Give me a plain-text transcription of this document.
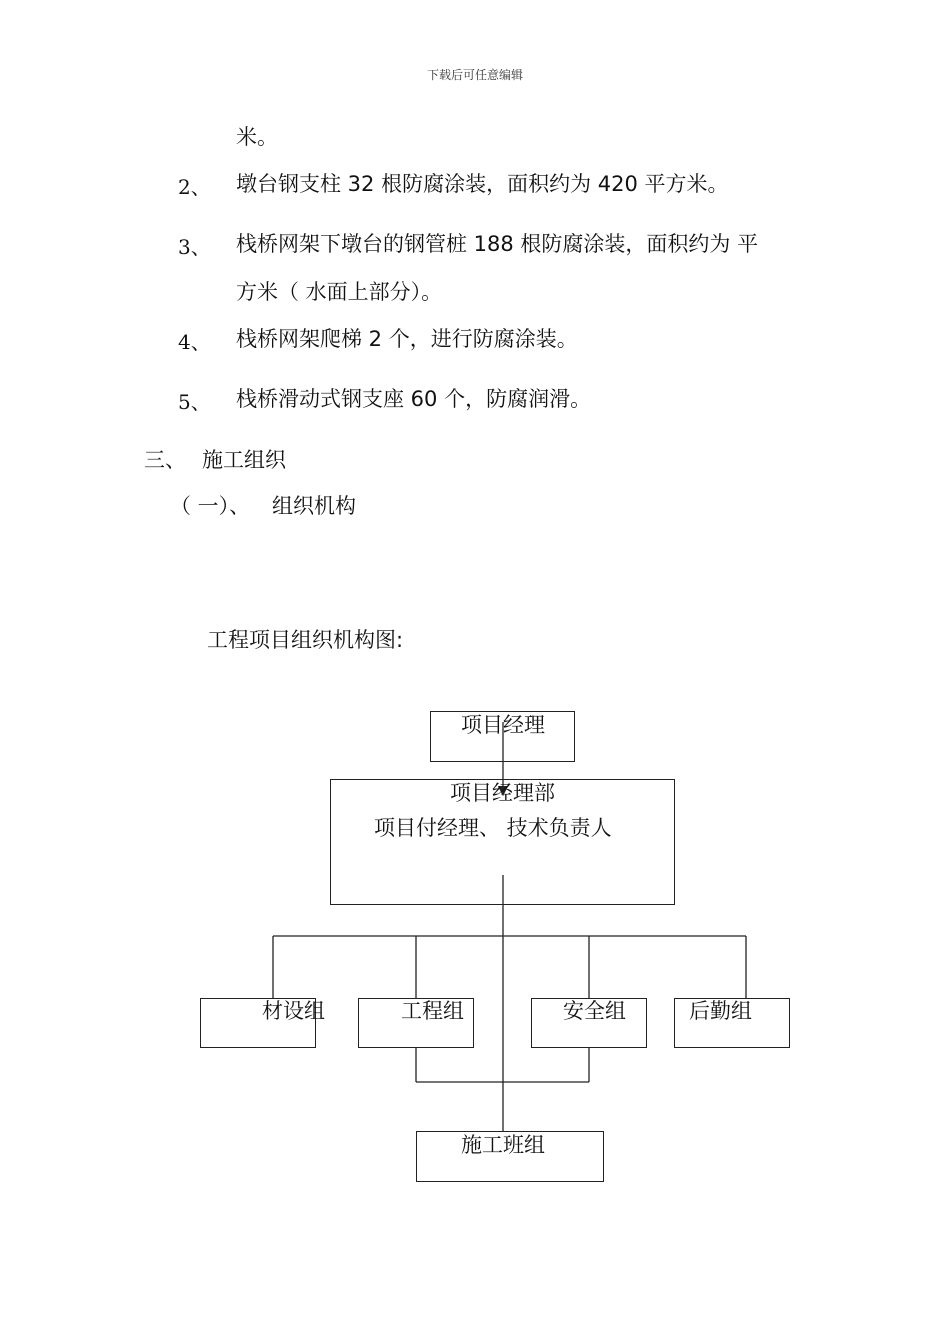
下载后可任意编辑
米。
2、 墩台钢支柱 32 根防腐涂装，面积约为 420 平方米。
3、 栈桥网架下墩台的钢管桩 188 根防腐涂装，面积约为 平
方米（ 水面上部分）。
4、 栈桥网架爬梯 2 个，进行防腐涂装。
5、 栈桥滑动式钢支座 60 个，防腐润滑。
三、 施工组织
（ 一）、 组织机构
工程项目组织机构图:
项目经理
项目经理部
项目付经理、 技术负责人
材设组	工程组	安全组	后勤组
施工班组
